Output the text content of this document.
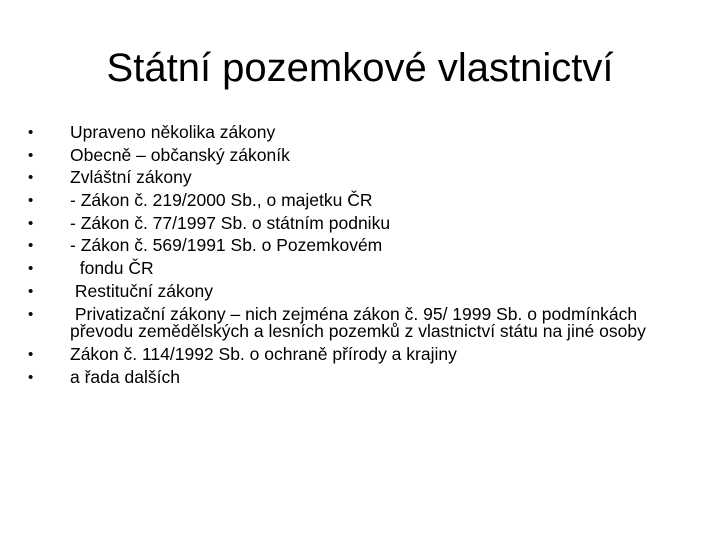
Státní pozemkové vlastnictví
•	Upraveno několika zákony
•	Obecně – občanský zákoník
•	Zvláštní zákony
•	- Zákon č. 219/2000 Sb., o majetku ČR
•	- Zákon č. 77/1997 Sb. o státním podniku
•	- Zákon č. 569/1991 Sb. o Pozemkovém
•	fondu ČR
•	Restituční zákony
•	Privatizační zákony – nich zejména zákon č. 95/ 1999 Sb. o podmínkách převodu zemědělských a lesních pozemků z vlastnictví státu na jiné osoby
•	Zákon č. 114/1992 Sb. o ochraně přírody a krajiny
•	a řada dalších
